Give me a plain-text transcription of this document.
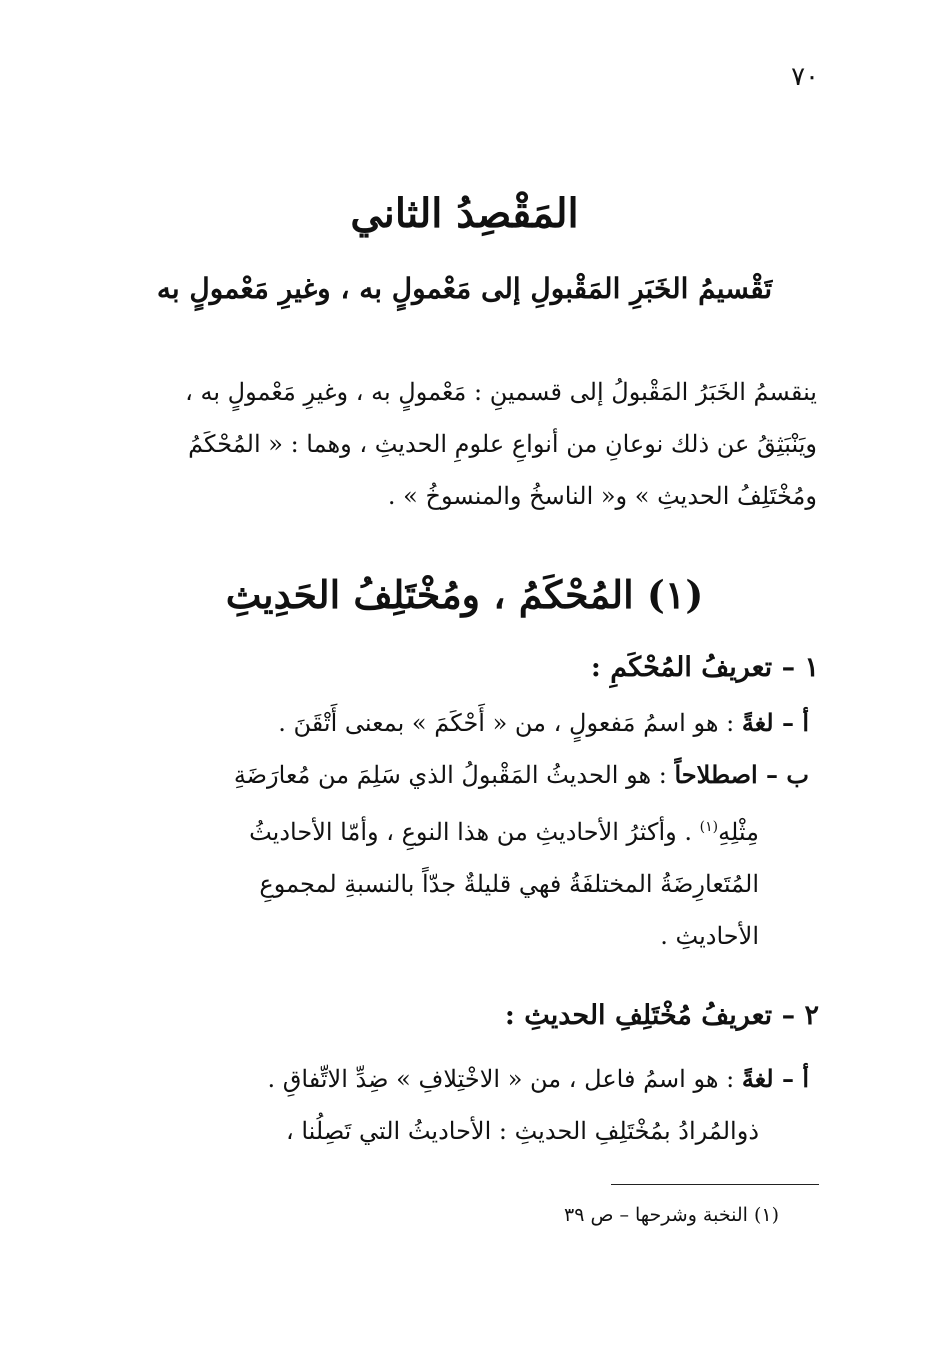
٧٠
المَقْصِدُ الثاني
تَقْسيمُ الخَبَرِ المَقْبولِ إلى مَعْمولٍ به ، وغيرِ مَعْمولٍ به

ينقسمُ الخَبَرُ المَقْبولُ إلى قسمينِ : مَعْمولٍ به ، وغيرِ مَعْمولٍ به ،

ويَنْبَثِقُ عن ذلك نوعانِ من أنواعِ علومِ الحديثِ ، وهما : « المُحْكَمُ

ومُخْتَلِفُ الحديثِ » و« الناسخُ والمنسوخُ » .

(١) المُحْكَمُ ، ومُخْتَلِفُ الحَدِيثِ

١ – تعريفُ المُحْكَمِ :

أ – لغةً : هو اسمُ مَفعولٍ ، من « أَحْكَمَ » بمعنى أَتْقَنَ .

ب – اصطلاحاً : هو الحديثُ المَقْبولُ الذي سَلِمَ من مُعارَضَةِ

مِثْلِهِ$^{(١)}$ . وأكثرُ الأحاديثِ من هذا النوعِ ، وأمّا الأحاديثُ

المُتَعارِضَةُ المختلفَةُ فهي قليلةٌ جدّاً بالنسبةِ لمجموعِ

الأحاديثِ .

٢ – تعريفُ مُخْتَلِفِ الحديثِ :

أ – لغةً : هو اسمُ فاعل ، من « الاخْتِلافِ » ضِدِّ الاتِّفاقِ .

ذوالمُرادُ بمُخْتَلِفِ الحديثِ : الأحاديثُ التي تَصِلُنا ،

(١) النخبة وشرحها – ص ٣٩
